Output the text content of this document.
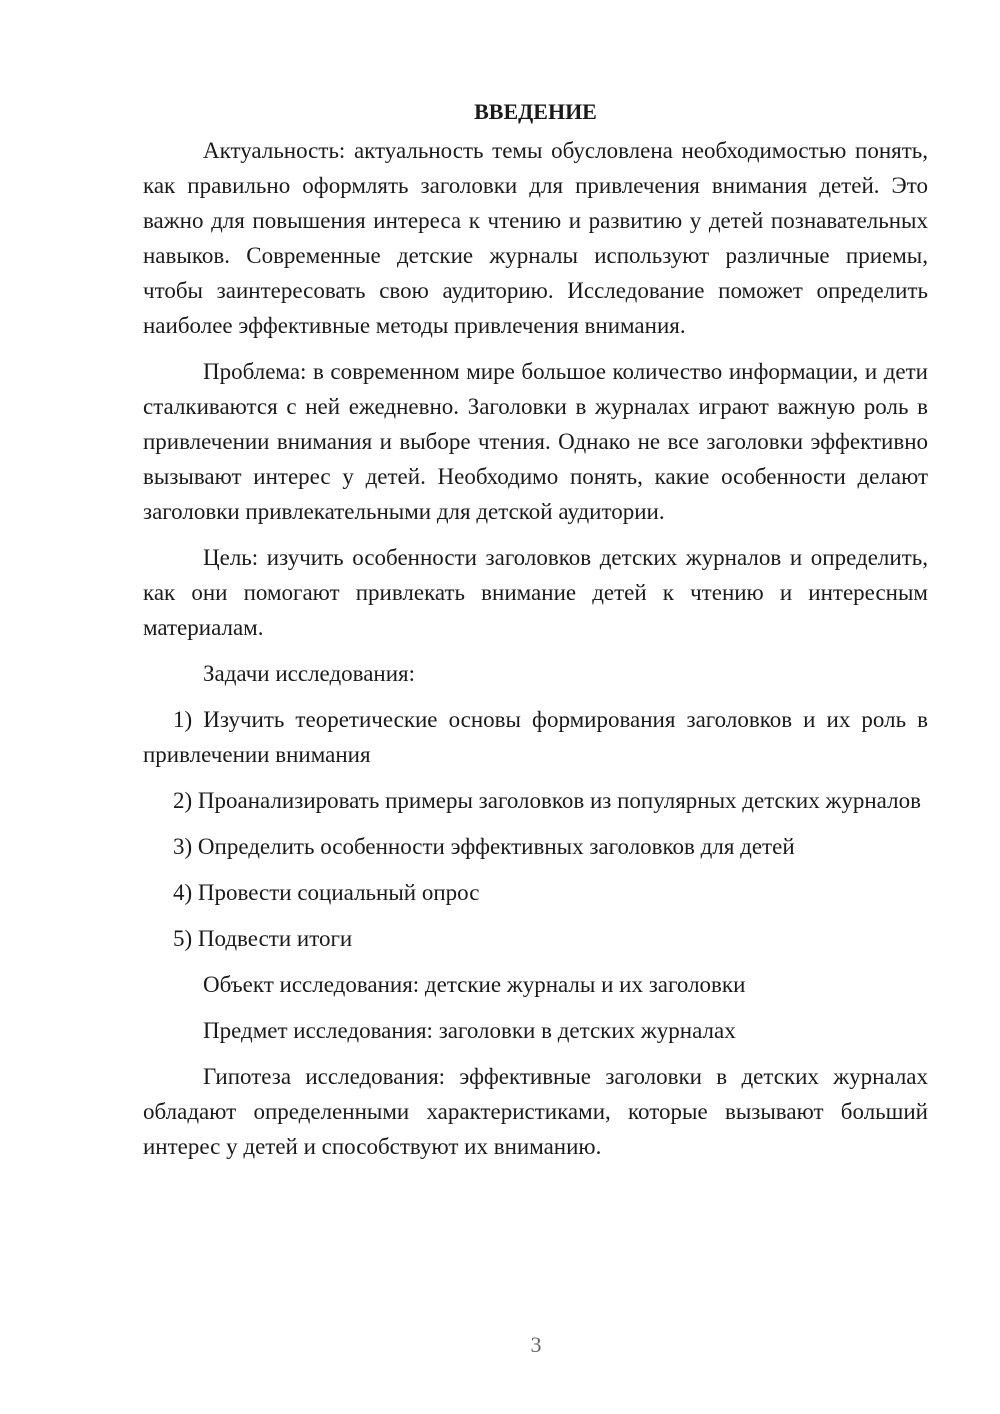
ВВЕДЕНИЕ

Актуальность: актуальность темы обусловлена необходимостью понять, как правильно оформлять заголовки для привлечения внимания детей. Это важно для повышения интереса к чтению и развитию у детей познавательных навыков. Современные детские журналы используют различные приемы, чтобы заинтересовать свою аудиторию. Исследование поможет определить наиболее эффективные методы привлечения внимания.

Проблема: в современном мире большое количество информации, и дети сталкиваются с ней ежедневно. Заголовки в журналах играют важную роль в привлечении внимания и выборе чтения. Однако не все заголовки эффективно вызывают интерес у детей. Необходимо понять, какие особенности делают заголовки привлекательными для детской аудитории.

Цель: изучить особенности заголовков детских журналов и определить, как они помогают привлекать внимание детей к чтению и интересным материалам.

Задачи исследования:

1) Изучить теоретические основы формирования заголовков и их роль в привлечении внимания

2) Проанализировать примеры заголовков из популярных детских журналов

3) Определить особенности эффективных заголовков для детей

4) Провести социальный опрос

5) Подвести итоги

Объект исследования: детские журналы и их заголовки

Предмет исследования: заголовки в детских журналах

Гипотеза исследования: эффективные заголовки в детских журналах обладают определенными характеристиками, которые вызывают больший интерес у детей и способствуют их вниманию.

3
